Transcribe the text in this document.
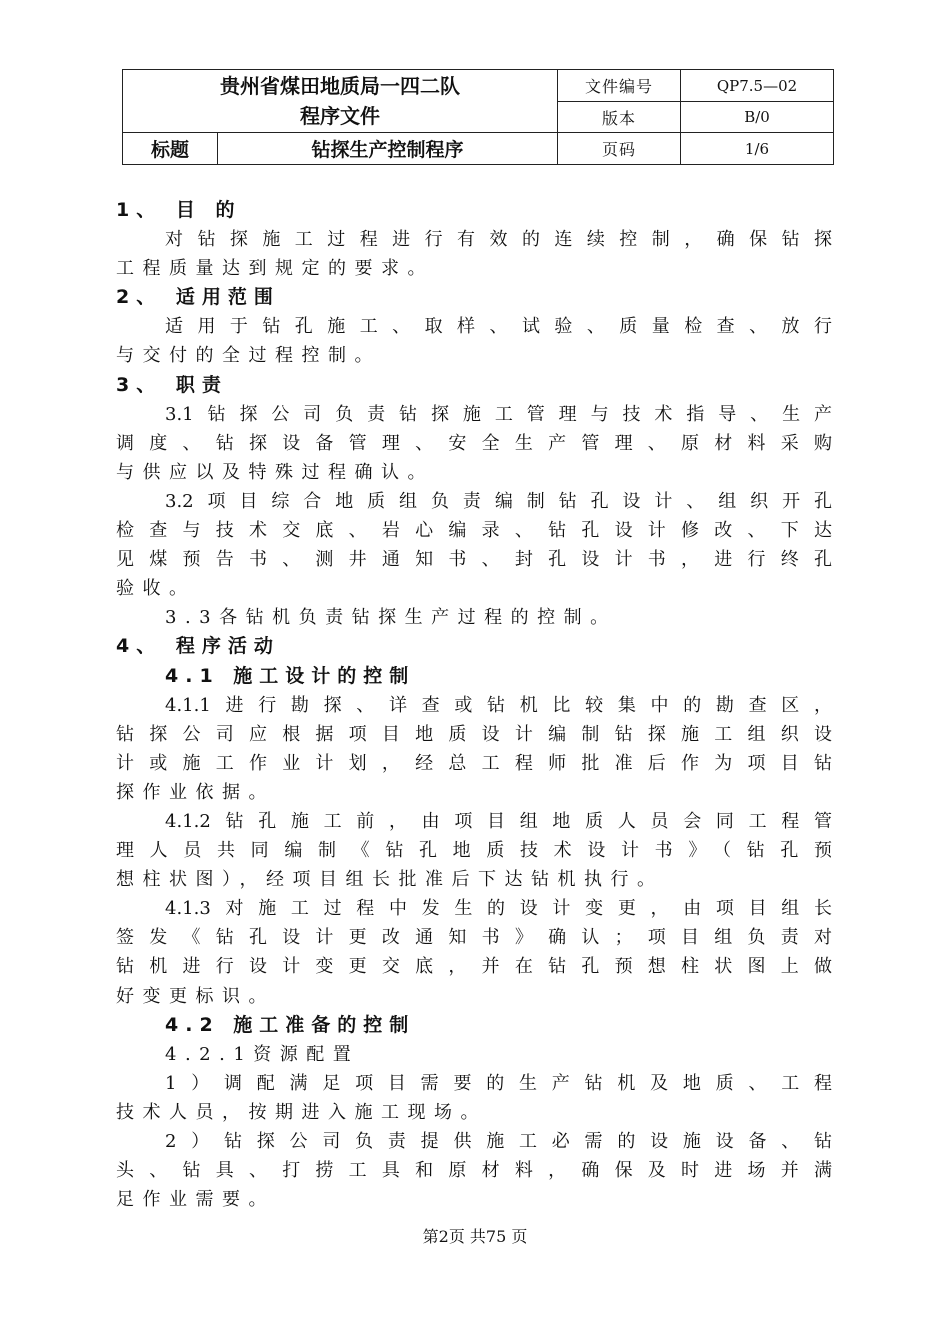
贵州省煤田地质局一四二队
程序文件		文件编号	QP7.5—02
		版本	B/0
标题	钻探生产控制程序	页码	1/6
1、 目 的
对钻探施工过程进行有效的连续控制，确保钻探
工程质量达到规定的要求。
2、 适用范围
适用于钻孔施工、取样、试验、质量检查、放行
与交付的全过程控制。
3、 职责
3.1钻探公司负责钻探施工管理与技术指导、生产
调度、钻探设备管理、安全生产管理、原材料采购
与供应以及特殊过程确认。
3.2项目综合地质组负责编制钻孔设计、组织开孔
检查与技术交底、岩心编录、钻孔设计修改、下达
见煤预告书、测井通知书、封孔设计书，进行终孔
验收。
3.3各钻机负责钻探生产过程的控制。
4、 程序活动
4.1 施工设计的控制
4.1.1进行勘探、详查或钻机比较集中的勘查区，
钻探公司应根据项目地质设计编制钻探施工组织设
计或施工作业计划，经总工程师批准后作为项目钻
探作业依据。
4.1.2钻孔施工前，由项目组地质人员会同工程管
理人员共同编制《钻孔地质技术设计书》（钻孔预
想柱状图），经项目组长批准后下达钻机执行。
4.1.3对施工过程中发生的设计变更，由项目组长
签发《钻孔设计更改通知书》确认；项目组负责对
钻机进行设计变更交底，并在钻孔预想柱状图上做
好变更标识。
4.2 施工准备的控制
4.2.1资源配置
1）调配满足项目需要的生产钻机及地质、工程
技术人员，按期进入施工现场。
2）钻探公司负责提供施工必需的设施设备、钻
头、钻具、打捞工具和原材料，确保及时进场并满
足作业需要。
第2页 共75 页
